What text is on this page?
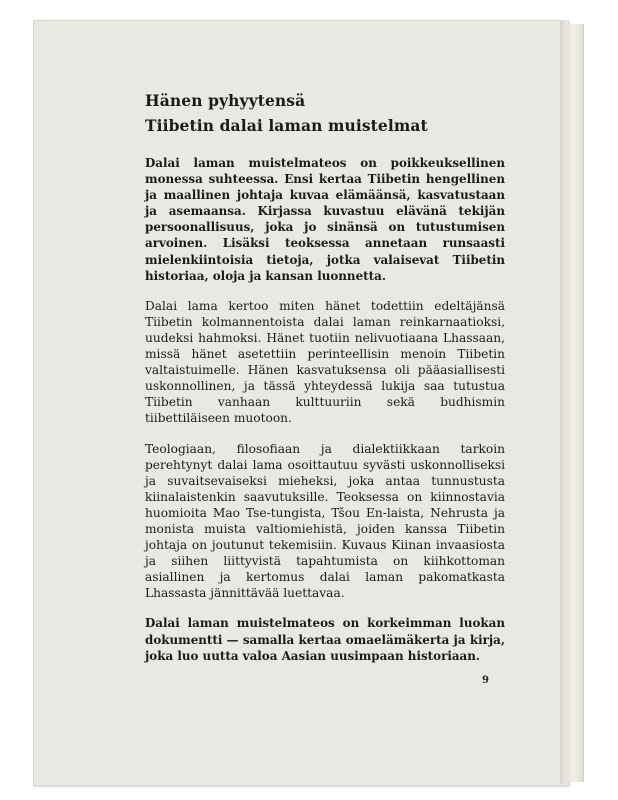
Hänen pyhyytensä
Tiibetin dalai laman muistelmat

Dalai laman muistelmateos on poikkeuksellinen monessa suhteessa. Ensi kertaa Tiibetin hengellinen ja maallinen johtaja kuvaa elämäänsä, kasvatustaan ja asemaansa. Kirjassa kuvastuu elävänä tekijän persoonallisuus, joka jo sinänsä on tutustumisen arvoinen. Lisäksi teoksessa annetaan runsaasti mielenkiintoisia tietoja, jotka valaisevat Tiibetin historiaa, oloja ja kansan luonnetta.

Dalai lama kertoo miten hänet todettiin edeltäjänsä Tiibetin kolmannentoista dalai laman reinkarnaatioksi, uudeksi hahmoksi. Hänet tuotiin nelivuotiaana Lhassaan, missä hänet asetettiin perinteellisin menoin Tiibetin valtaistuimelle. Hänen kasvatuksensa oli pääasiallisesti uskonnollinen, ja tässä yhteydessä lukija saa tutustua Tiibetin vanhaan kulttuuriin sekä budhismin tiibettiläiseen muotoon.

Teologiaan, filosofiaan ja dialektiikkaan tarkoin perehtynyt dalai lama osoittautuu syvästi uskonnolliseksi ja suvaitsevaiseksi mieheksi, joka antaa tunnustusta kiinalaistenkin saavutuksille. Teoksessa on kiinnostavia huomioita Mao Tse-tungista, Tšou En-laista, Nehrusta ja monista muista valtiomiehistä, joiden kanssa Tiibetin johtaja on joutunut tekemisiin. Kuvaus Kiinan invaasiosta ja siihen liittyvistä tapahtumista on kiihkottoman asiallinen ja kertomus dalai laman pakomatkasta Lhassasta jännittävää luettavaa.

Dalai laman muistelmateos on korkeimman luokan dokumentti — samalla kertaa omaelämäkerta ja kirja, joka luo uutta valoa Aasian uusimpaan historiaan.

9
